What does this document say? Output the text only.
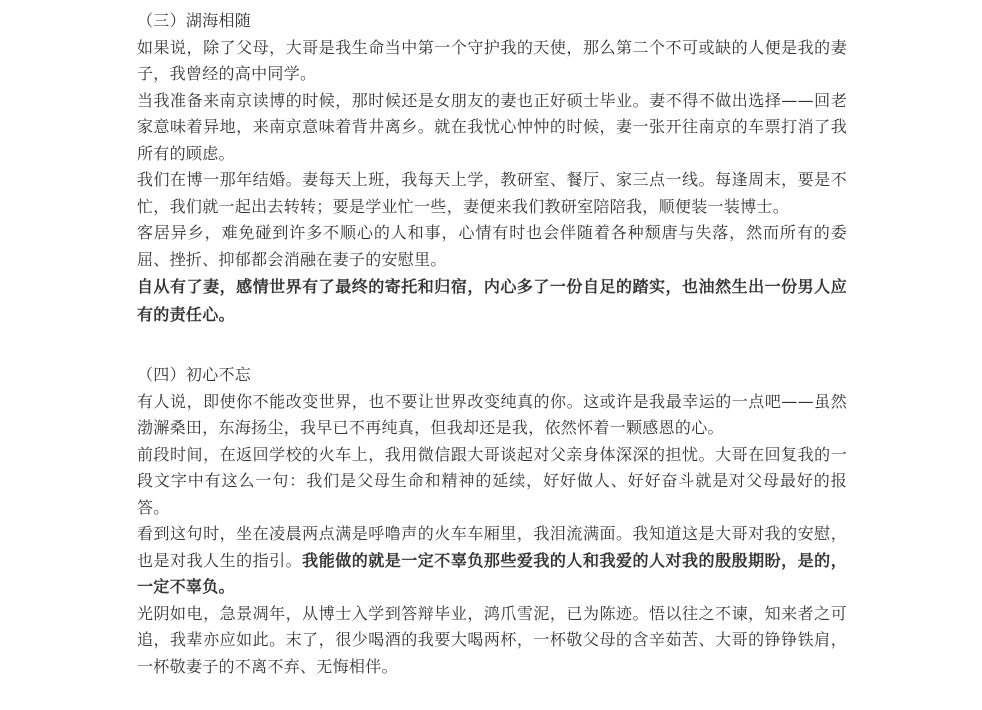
（三）湖海相随

如果说，除了父母，大哥是我生命当中第一个守护我的天使，那么第二个不可或缺的人便是我的妻子，我曾经的高中同学。

当我准备来南京读博的时候，那时候还是女朋友的妻也正好硕士毕业。妻不得不做出选择——回老家意味着异地，来南京意味着背井离乡。就在我忧心忡忡的时候，妻一张开往南京的车票打消了我所有的顾虑。

我们在博一那年结婚。妻每天上班，我每天上学，教研室、餐厅、家三点一线。每逢周末，要是不忙，我们就一起出去转转；要是学业忙一些，妻便来我们教研室陪陪我，顺便装一装博士。

客居异乡，难免碰到许多不顺心的人和事，心情有时也会伴随着各种颓唐与失落，然而所有的委屈、挫折、抑郁都会消融在妻子的安慰里。

自从有了妻，感情世界有了最终的寄托和归宿，内心多了一份自足的踏实，也油然生出一份男人应有的责任心。

（四）初心不忘

有人说，即使你不能改变世界，也不要让世界改变纯真的你。这或许是我最幸运的一点吧——虽然渤澥桑田，东海扬尘，我早已不再纯真，但我却还是我，依然怀着一颗感恩的心。

前段时间，在返回学校的火车上，我用微信跟大哥谈起对父亲身体深深的担忧。大哥在回复我的一段文字中有这么一句：我们是父母生命和精神的延续，好好做人、好好奋斗就是对父母最好的报答。

看到这句时，坐在凌晨两点满是呼噜声的火车车厢里，我泪流满面。我知道这是大哥对我的安慰，也是对我人生的指引。我能做的就是一定不辜负那些爱我的人和我爱的人对我的殷殷期盼，是的，一定不辜负。

光阴如电，急景凋年，从博士入学到答辩毕业，鸿爪雪泥，已为陈迹。悟以往之不谏，知来者之可追，我辈亦应如此。末了，很少喝酒的我要大喝两杯，一杯敬父母的含辛茹苦、大哥的铮铮铁肩，一杯敬妻子的不离不弃、无悔相伴。
